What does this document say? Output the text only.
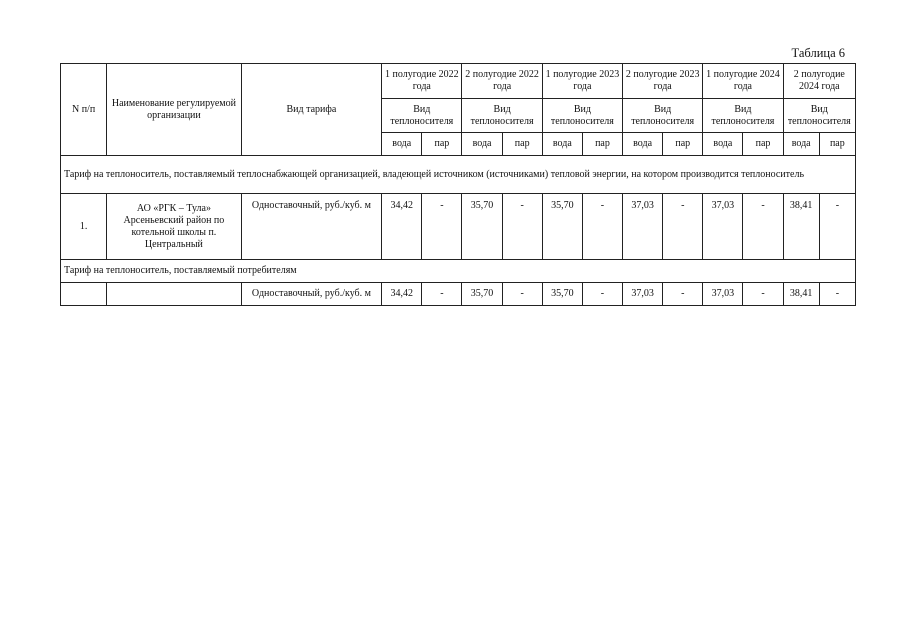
Таблица 6
N п/п	Наименование регулируемой организации	Вид тарифа	1 полугодие 2022 года		2 полугодие 2022 года		1 полугодие 2023 года		2 полугодие 2023 года		1 полугодие 2024 года		2 полугодие 2024 года	
			Вид теплоносителя		Вид теплоносителя		Вид теплоносителя		Вид теплоносителя		Вид теплоносителя		Вид теплоносителя	
			вода	пар	вода	пар	вода	пар	вода	пар	вода	пар	вода	пар
Тариф на теплоноситель, поставляемый теплоснабжающей организацией, владеющей источником (источниками) тепловой энергии, на котором производится теплоноситель														
1.	АО «РГК – Тула» Арсеньевский район по котельной школы п. Центральный	Одноставочный, руб./куб. м	34,42	-	35,70	-	35,70	-	37,03	-	37,03	-	38,41	-
Тариф на теплоноситель, поставляемый потребителям														
		Одноставочный, руб./куб. м	34,42	-	35,70	-	35,70	-	37,03	-	37,03	-	38,41	-
